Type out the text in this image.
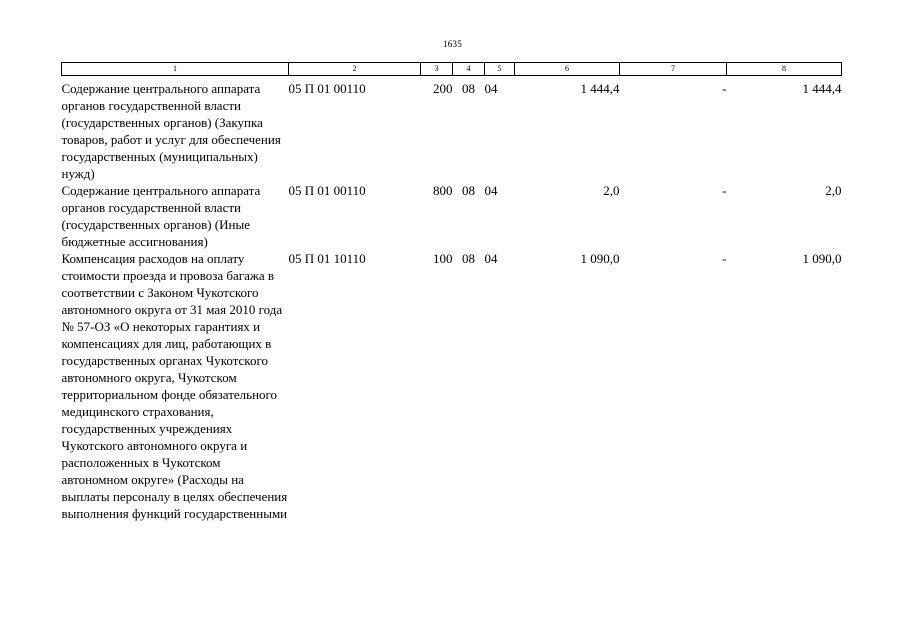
1635
1	2	3	4	5	6	7	8
Содержание центрального аппарата органов государственной власти (государственных органов) (Закупка товаров, работ и услуг для обеспечения государственных (муниципальных) нужд)	05 П 01 00110	200	08	04	1 444,4	-	1 444,4
Содержание центрального аппарата органов государственной власти (государственных органов) (Иные бюджетные ассигнования)	05 П 01 00110	800	08	04	2,0	-	2,0
Компенсация расходов на оплату стоимости проезда и провоза багажа в соответствии с Законом Чукотского автономного округа от 31 мая 2010 года № 57-ОЗ «О некоторых гарантиях и компенсациях для лиц, работающих в государственных органах Чукотского автономного округа, Чукотском территориальном фонде обязательного медицинского страхования, государственных учреждениях Чукотского автономного округа и расположенных в Чукотском автономном округе» (Расходы на выплаты персоналу в целях обеспечения выполнения функций государственными	05 П 01 10110	100	08	04	1 090,0	-	1 090,0
